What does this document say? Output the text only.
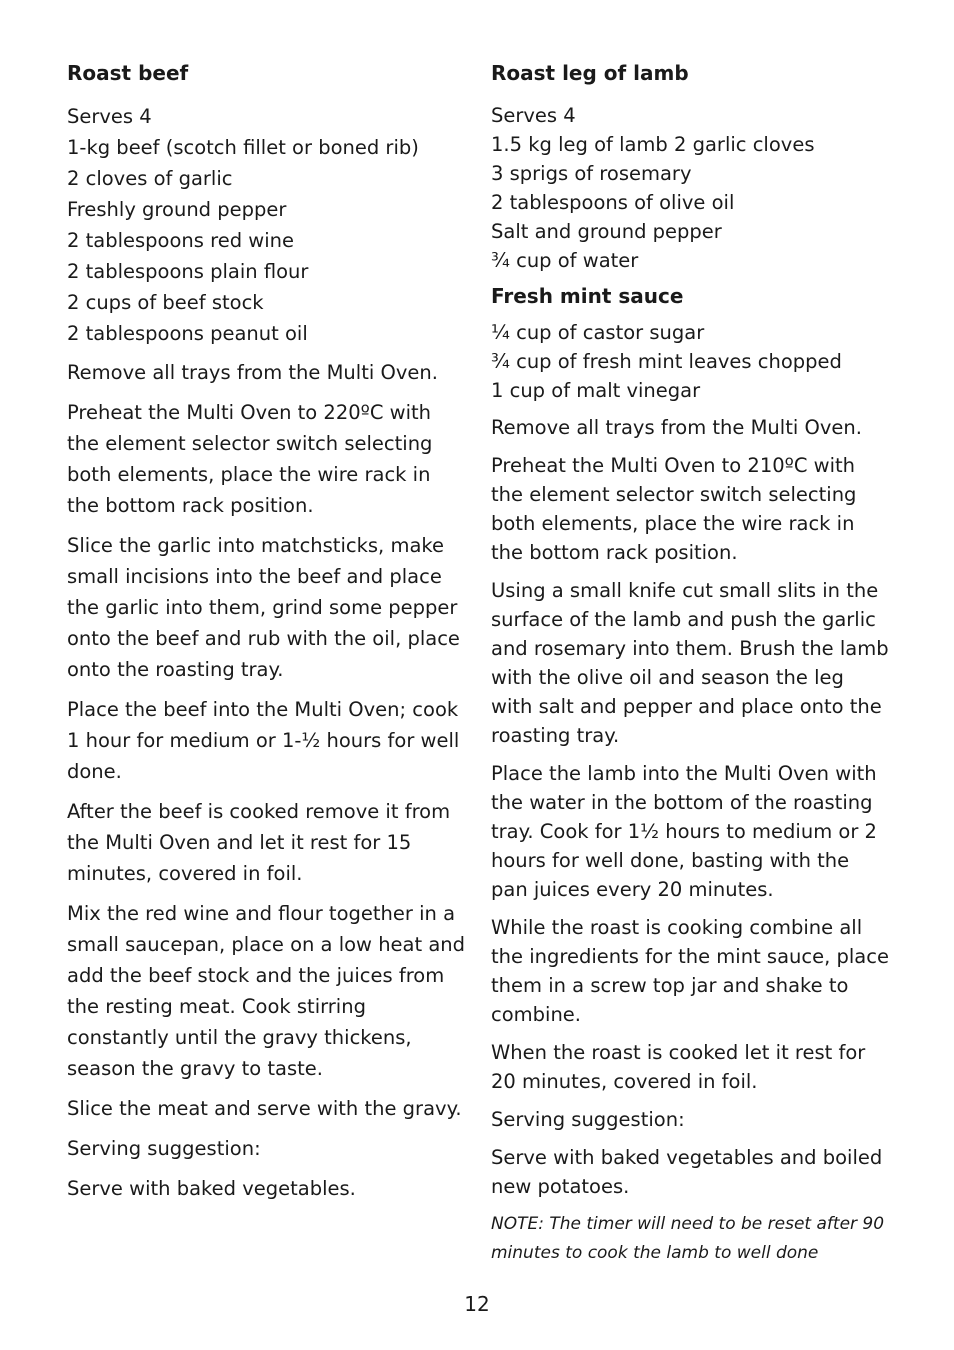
Roast beef
Serves 4
1-kg beef (scotch fillet or boned rib)
2 cloves of garlic
Freshly ground pepper
2 tablespoons red wine
2 tablespoons plain flour
2 cups of beef stock
2 tablespoons peanut oil

Remove all trays from the Multi Oven.

Preheat the Multi Oven to 220ºC with the element selector switch selecting both elements, place the wire rack in the bottom rack position.

Slice the garlic into matchsticks, make small incisions into the beef and place the garlic into them, grind some pepper onto the beef and rub with the oil, place onto the roasting tray.

Place the beef into the Multi Oven; cook 1 hour for medium or 1-½ hours for well done.

After the beef is cooked remove it from the Multi Oven and let it rest for 15 minutes, covered in foil.

Mix the red wine and flour together in a small saucepan, place on a low heat and add the beef stock and the juices from the resting meat. Cook stirring constantly until the gravy thickens, season the gravy to taste.

Slice the meat and serve with the gravy.

Serving suggestion:

Serve with baked vegetables.

Roast leg of lamb
Serves 4
1.5 kg leg of lamb 2 garlic cloves
3 sprigs of rosemary
2 tablespoons of olive oil
Salt and ground pepper
¾ cup of water
Fresh mint sauce
¼ cup of castor sugar
¾ cup of fresh mint leaves chopped
1 cup of malt vinegar

Remove all trays from the Multi Oven.

Preheat the Multi Oven to 210ºC with the element selector switch selecting both elements, place the wire rack in the bottom rack position.

Using a small knife cut small slits in the surface of the lamb and push the garlic and rosemary into them. Brush the lamb with the olive oil and season the leg with salt and pepper and place onto the roasting tray.

Place the lamb into the Multi Oven with the water in the bottom of the roasting tray. Cook for 1½ hours to medium or 2 hours for well done, basting with the pan juices every 20 minutes.

While the roast is cooking combine all the ingredients for the mint sauce, place them in a screw top jar and shake to combine.

When the roast is cooked let it rest for 20 minutes, covered in foil.

Serving suggestion:

Serve with baked vegetables and boiled new potatoes.

NOTE: The timer will need to be reset after 90 minutes to cook the lamb to well done

12
